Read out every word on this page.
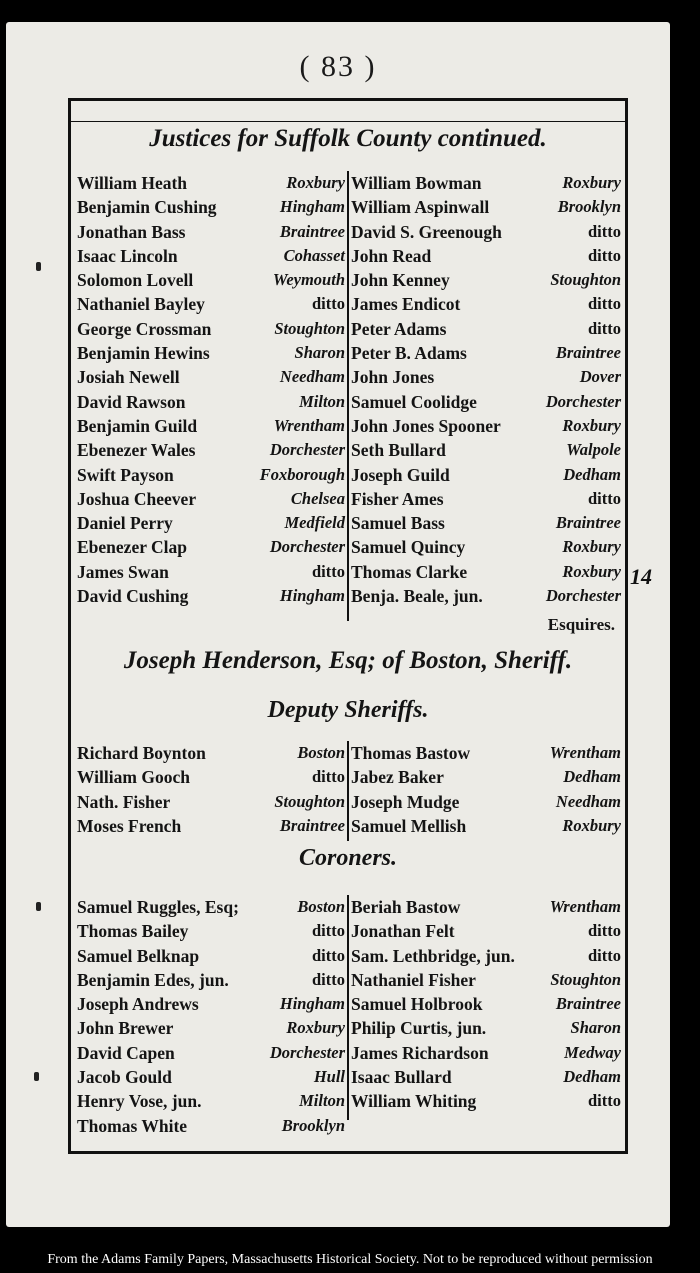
( 83 )
Justices for Suffolk County continued.
William Heath	Roxbury
Benjamin Cushing	Hingham
Jonathan Bass	Braintree
Isaac Lincoln	Cohasset
Solomon Lovell	Weymouth
Nathaniel Bayley	ditto
George Crossman	Stoughton
Benjamin Hewins	Sharon
Josiah Newell	Needham
David Rawson	Milton
Benjamin Guild	Wrentham
Ebenezer Wales	Dorchester
Swift Payson	Foxborough
Joshua Cheever	Chelsea
Daniel Perry	Medfield
Ebenezer Clap	Dorchester
James Swan	ditto
David Cushing	Hingham
William Bowman	Roxbury
William Aspinwall	Brooklyn
David S. Greenough	ditto
John Read	ditto
John Kenney	Stoughton
James Endicot	ditto
Peter Adams	ditto
Peter B. Adams	Braintree
John Jones	Dover
Samuel Coolidge	Dorchester
John Jones Spooner	Roxbury
Seth Bullard	Walpole
Joseph Guild	Dedham
Fisher Ames	ditto
Samuel Bass	Braintree
Samuel Quincy	Roxbury
Thomas Clarke	Roxbury
Benja. Beale, jun.	Dorchester
Esquires.
Joseph Henderson, Esq; of Boston, Sheriff.
Deputy Sheriffs.
Richard Boynton	Boston
William Gooch	ditto
Nath. Fisher	Stoughton
Moses French	Braintree
Thomas Bastow	Wrentham
Jabez Baker	Dedham
Joseph Mudge	Needham
Samuel Mellish	Roxbury
Coroners.
Samuel Ruggles, Esq;	Boston
Thomas Bailey	ditto
Samuel Belknap	ditto
Benjamin Edes, jun.	ditto
Joseph Andrews	Hingham
John Brewer	Roxbury
David Capen	Dorchester
Jacob Gould	Hull
Henry Vose, jun.	Milton
Thomas White	Brooklyn
Beriah Bastow	Wrentham
Jonathan Felt	ditto
Sam. Lethbridge, jun.	ditto
Nathaniel Fisher	Stoughton
Samuel Holbrook	Braintree
Philip Curtis, jun.	Sharon
James Richardson	Medway
Isaac Bullard	Dedham
William Whiting	ditto
14
From the Adams Family Papers, Massachusetts Historical Society. Not to be reproduced without permission
